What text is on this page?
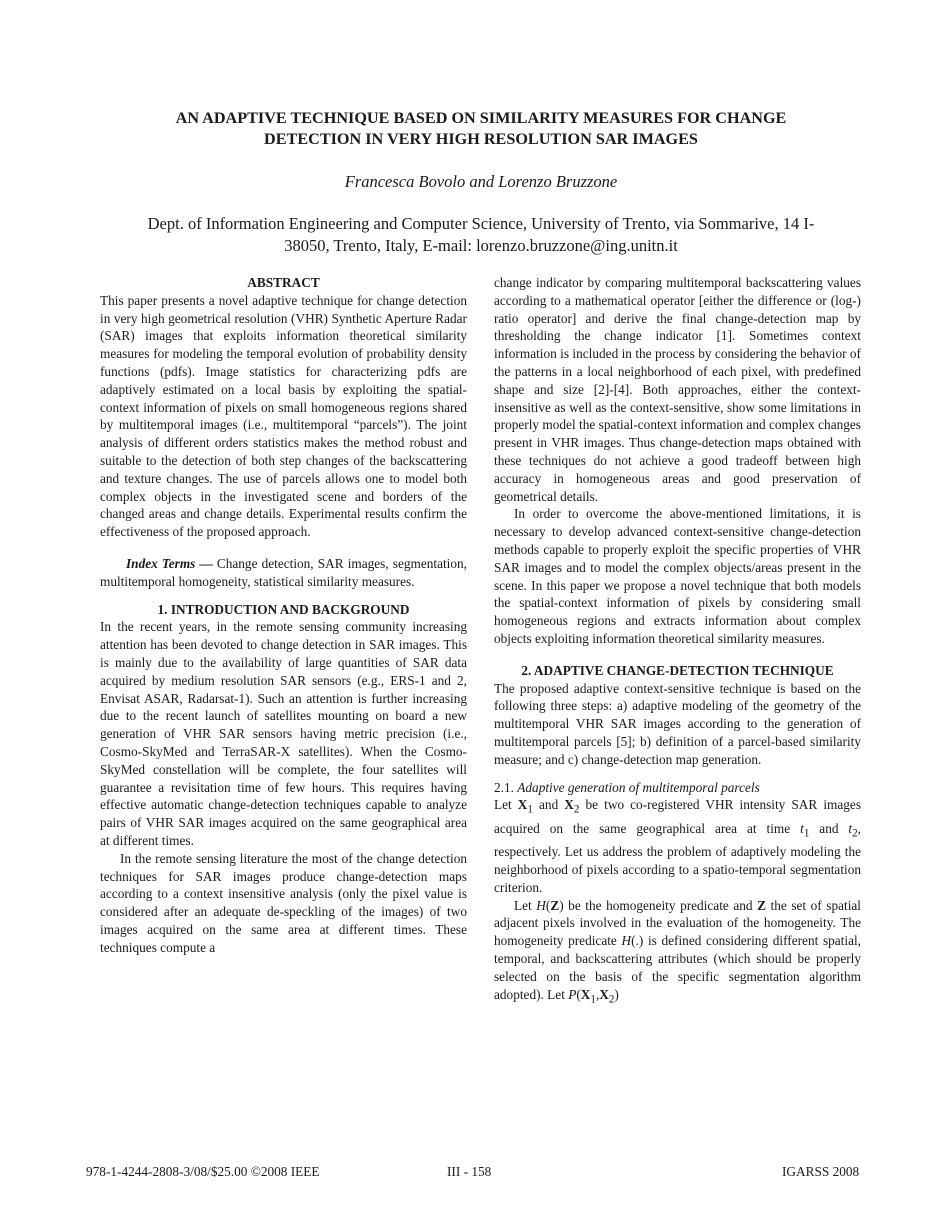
AN ADAPTIVE TECHNIQUE BASED ON SIMILARITY MEASURES FOR CHANGE
DETECTION IN VERY HIGH RESOLUTION SAR IMAGES
Francesca Bovolo and Lorenzo Bruzzone
Dept. of Information Engineering and Computer Science, University of Trento, via Sommarive, 14 I-
38050, Trento, Italy, E-mail: lorenzo.bruzzone@ing.unitn.it
ABSTRACT

This paper presents a novel adaptive technique for change detection in very high geometrical resolution (VHR) Synthetic Aperture Radar (SAR) images that exploits information theoretical similarity measures for modeling the temporal evolution of probability density functions (pdfs). Image statistics for characterizing pdfs are adaptively estimated on a local basis by exploiting the spatial-context information of pixels on small homogeneous regions shared by multitemporal images (i.e., multitemporal “parcels”). The joint analysis of different orders statistics makes the method robust and suitable to the detection of both step changes of the backscattering and texture changes. The use of parcels allows one to model both complex objects in the investigated scene and borders of the changed areas and change details. Experimental results confirm the effectiveness of the proposed approach.

Index Terms — Change detection, SAR images, segmentation, multitemporal homogeneity, statistical similarity measures.

1. INTRODUCTION AND BACKGROUND

In the recent years, in the remote sensing community increasing attention has been devoted to change detection in SAR images. This is mainly due to the availability of large quantities of SAR data acquired by medium resolution SAR sensors (e.g., ERS-1 and 2, Envisat ASAR, Radarsat-1). Such an attention is further increasing due to the recent launch of satellites mounting on board a new generation of VHR SAR sensors having metric precision (i.e., Cosmo-SkyMed and TerraSAR-X satellites). When the Cosmo-SkyMed constellation will be complete, the four satellites will guarantee a revisitation time of few hours. This requires having effective automatic change-detection techniques capable to analyze pairs of VHR SAR images acquired on the same geographical area at different times.

In the remote sensing literature the most of the change detection techniques for SAR images produce change-detection maps according to a context insensitive analysis (only the pixel value is considered after an adequate de-speckling of the images) of two images acquired on the same area at different times. These techniques compute a

change indicator by comparing multitemporal backscattering values according to a mathematical operator [either the difference or (log-) ratio operator] and derive the final change-detection map by thresholding the change indicator [1]. Sometimes context information is included in the process by considering the behavior of the patterns in a local neighborhood of each pixel, with predefined shape and size [2]-[4]. Both approaches, either the context-insensitive as well as the context-sensitive, show some limitations in properly model the spatial-context information and complex changes present in VHR images. Thus change-detection maps obtained with these techniques do not achieve a good tradeoff between high accuracy in homogeneous areas and good preservation of geometrical details.

In order to overcome the above-mentioned limitations, it is necessary to develop advanced context-sensitive change-detection methods capable to properly exploit the specific properties of VHR SAR images and to model the complex objects/areas present in the scene. In this paper we propose a novel technique that both models the spatial-context information of pixels by considering small homogeneous regions and extracts information about complex objects exploiting information theoretical similarity measures.

2. ADAPTIVE CHANGE-DETECTION TECHNIQUE

The proposed adaptive context-sensitive technique is based on the following three steps: a) adaptive modeling of the geometry of the multitemporal VHR SAR images according to the generation of multitemporal parcels [5]; b) definition of a parcel-based similarity measure; and c) change-detection map generation.

2.1. Adaptive generation of multitemporal parcels

Let $X_1$ and $X_2$ be two co-registered VHR intensity SAR images acquired on the same geographical area at time $t_1$ and $t_2$, respectively. Let us address the problem of adaptively modeling the neighborhood of pixels according to a spatio-temporal segmentation criterion.

Let H(Z) be the homogeneity predicate and Z the set of spatial adjacent pixels involved in the evaluation of the homogeneity. The homogeneity predicate H(.) is defined considering different spatial, temporal, and backscattering attributes (which should be properly selected on the basis of the specific segmentation algorithm adopted). Let $P(X_1,X_2)$

978-1-4244-2808-3/08/$25.00 ©2008 IEEE	III - 158	IGARSS 2008
